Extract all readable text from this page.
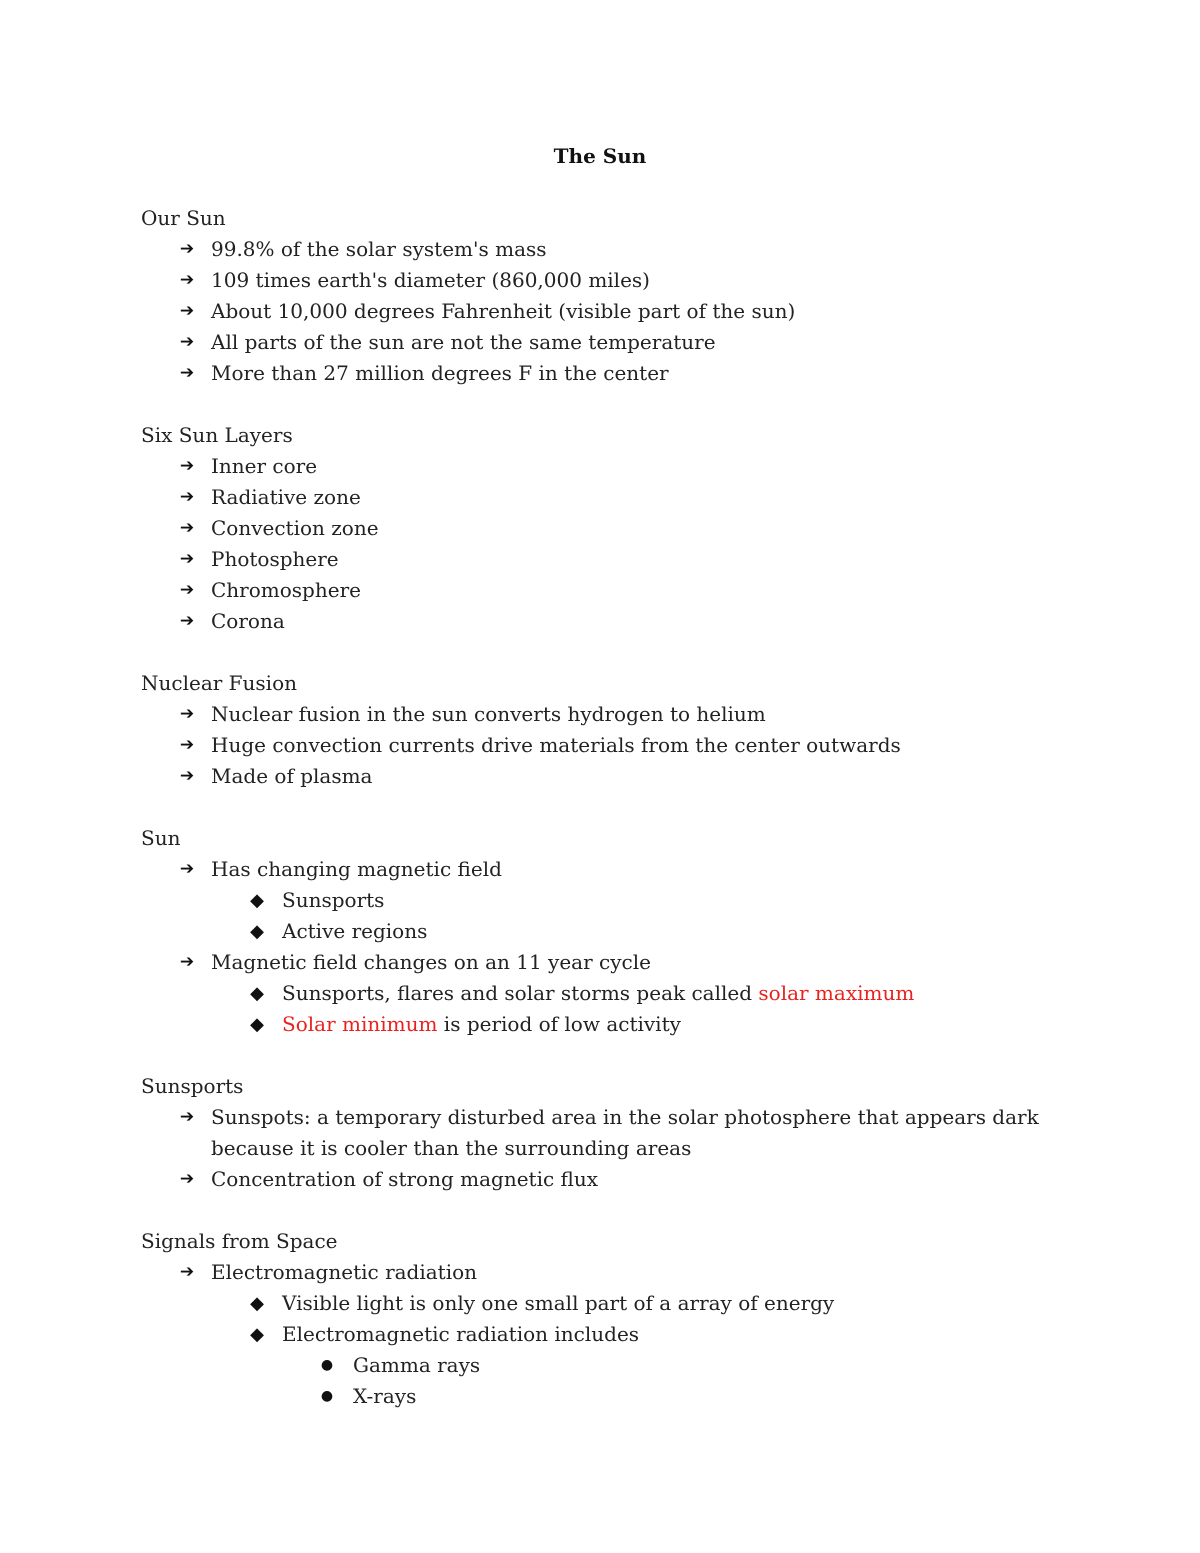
The Sun
Our Sun
➔ 99.8% of the solar system's mass
➔ 109 times earth's diameter (860,000 miles)
➔ About 10,000 degrees Fahrenheit (visible part of the sun)
➔ All parts of the sun are not the same temperature
➔ More than 27 million degrees F in the center
Six Sun Layers
➔ Inner core
➔ Radiative zone
➔ Convection zone
➔ Photosphere
➔ Chromosphere
➔ Corona
Nuclear Fusion
➔ Nuclear fusion in the sun converts hydrogen to helium
➔ Huge convection currents drive materials from the center outwards
➔ Made of plasma
Sun
➔ Has changing magnetic field
◆ Sunsports
◆ Active regions
➔ Magnetic field changes on an 11 year cycle
◆ Sunsports, flares and solar storms peak called solar maximum
◆ Solar minimum is period of low activity
Sunsports
➔ Sunspots: a temporary disturbed area in the solar photosphere that appears dark because it is cooler than the surrounding areas
➔ Concentration of strong magnetic flux
Signals from Space
➔ Electromagnetic radiation
◆ Visible light is only one small part of a array of energy
◆ Electromagnetic radiation includes
● Gamma rays
● X-rays
